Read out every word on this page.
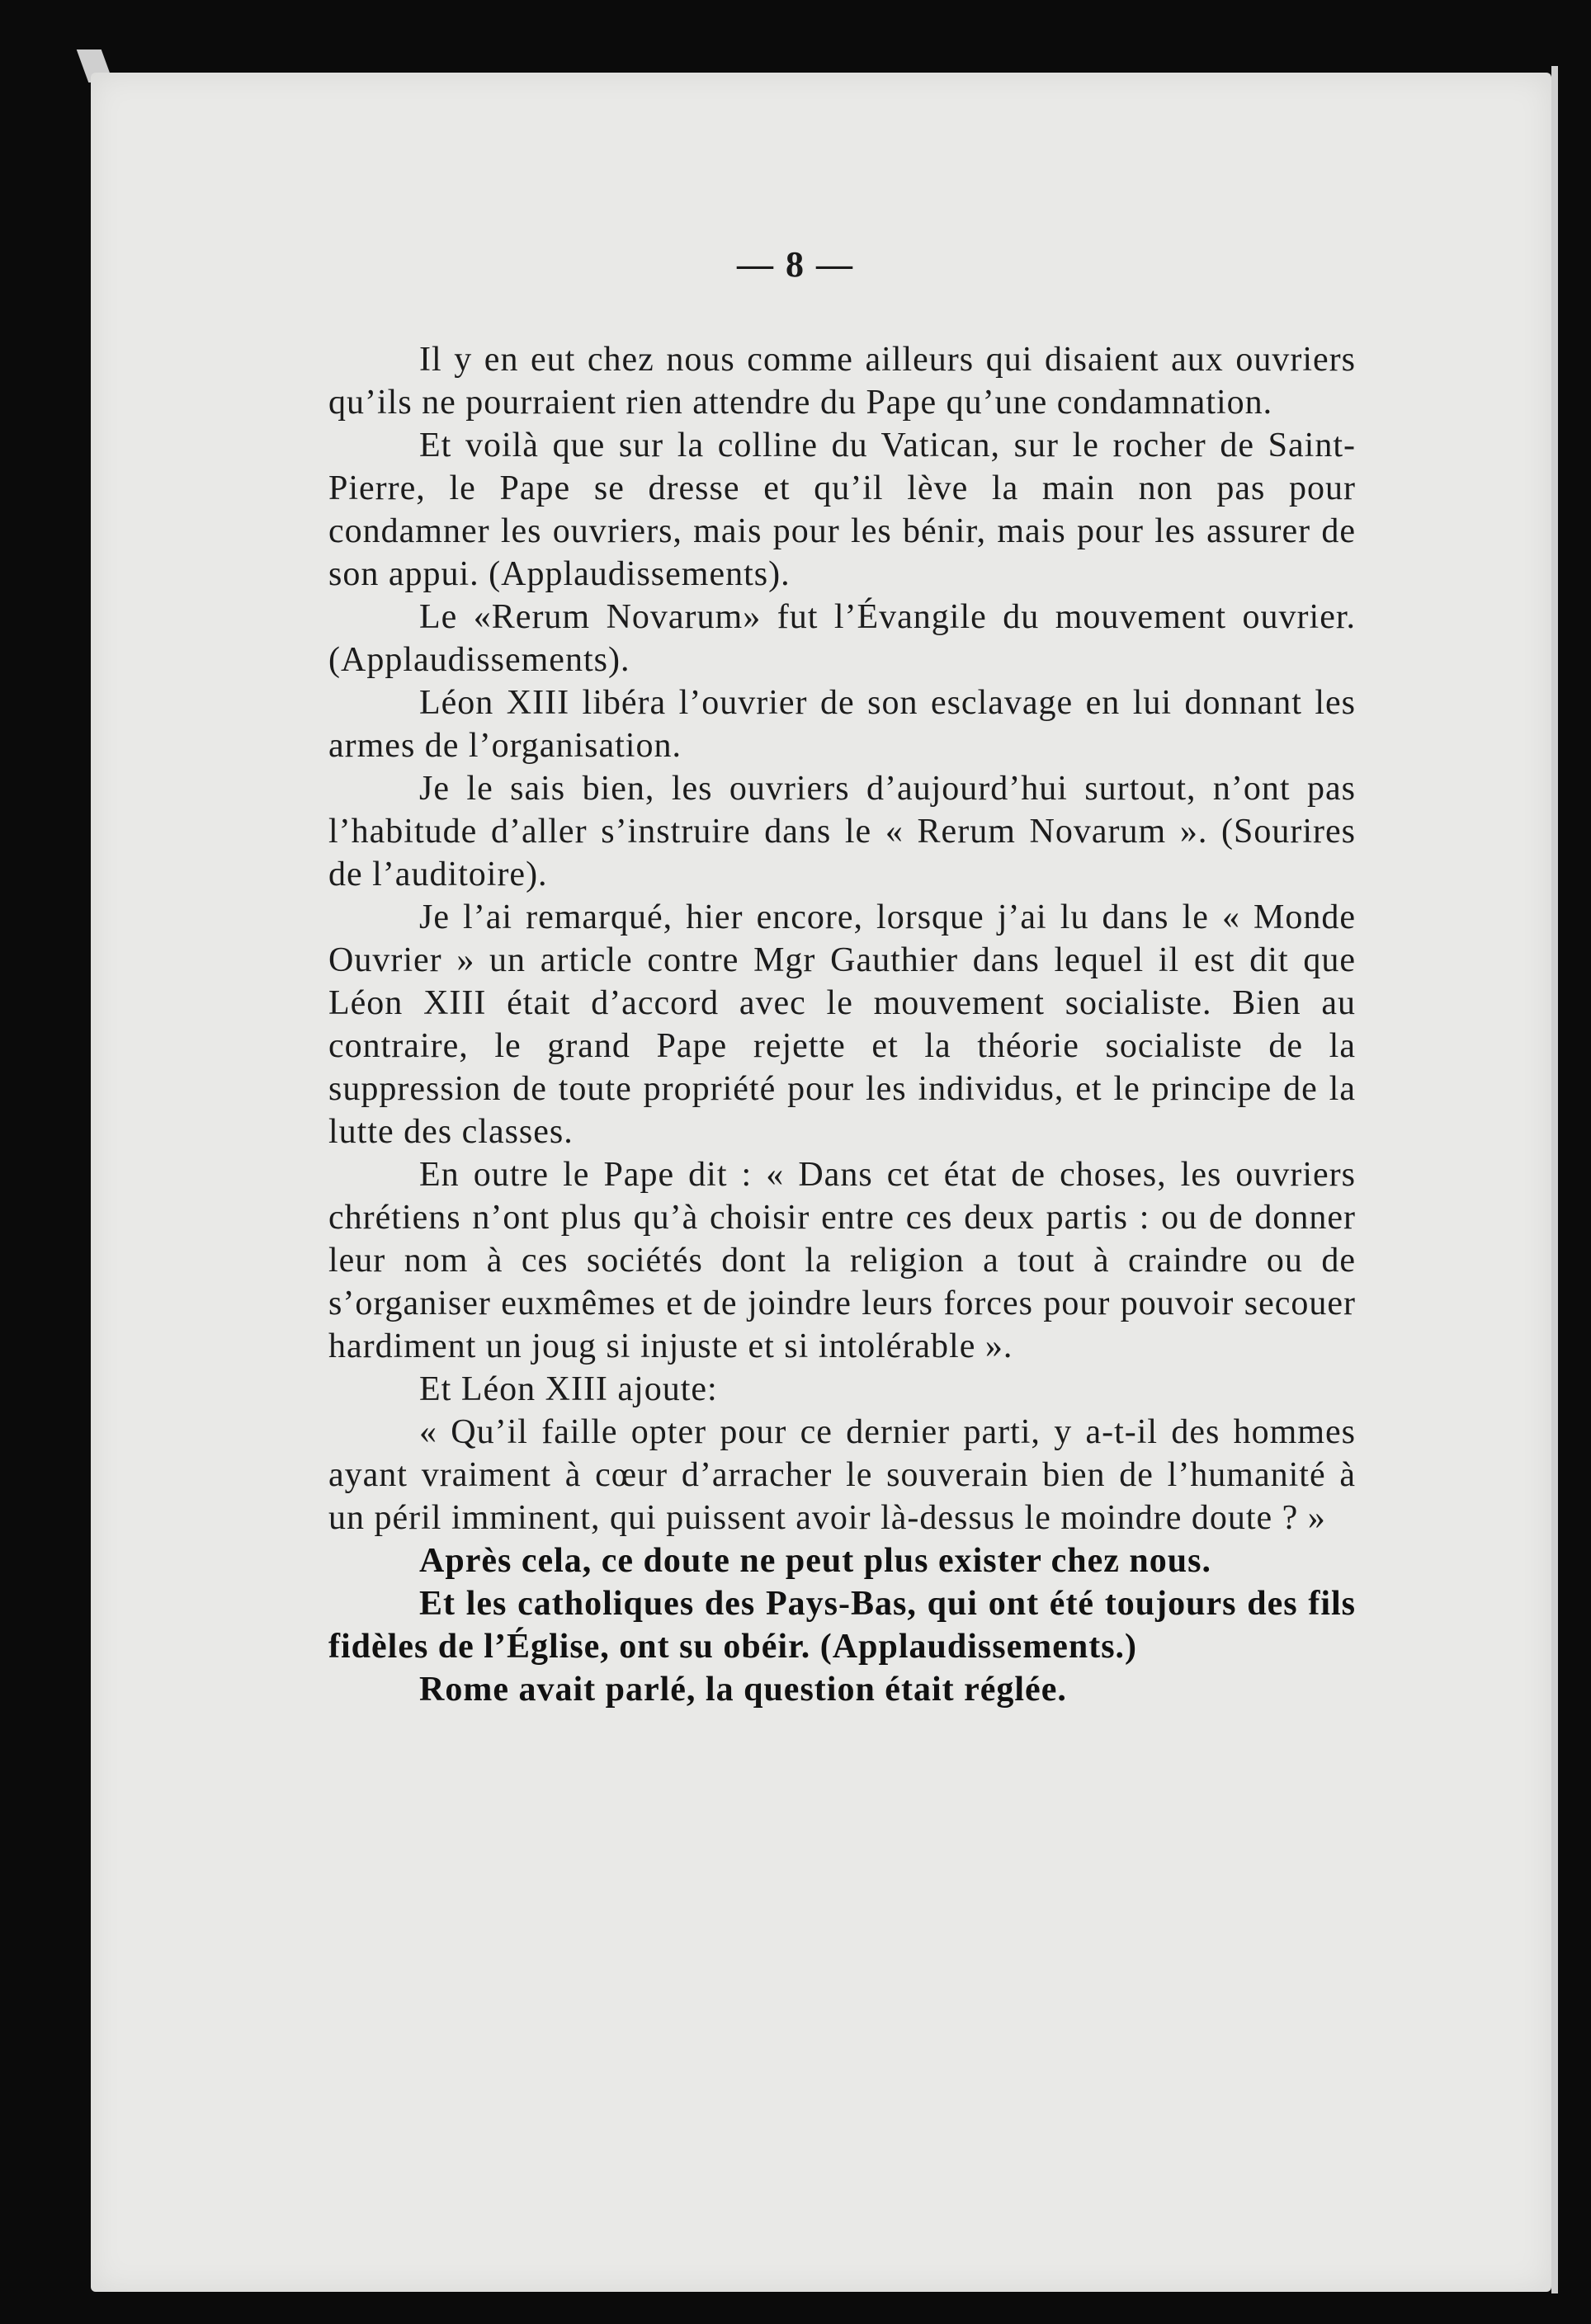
— 8 —

Il y en eut chez nous comme ailleurs qui disaient aux ouvriers qu’ils ne pourraient rien attendre du Pape qu’une condamnation.

Et voilà que sur la colline du Vatican, sur le rocher de Saint-Pierre, le Pape se dresse et qu’il lève la main non pas pour condamner les ouvriers, mais pour les bénir, mais pour les assurer de son appui. (Applaudissements).

Le «Rerum Novarum» fut l’Évangile du mouvement ouvrier. (Applaudissements).

Léon XIII libéra l’ouvrier de son esclavage en lui donnant les armes de l’organisation.

Je le sais bien, les ouvriers d’aujourd’hui surtout, n’ont pas l’habitude d’aller s’instruire dans le « Rerum Novarum ». (Sourires de l’auditoire).

Je l’ai remarqué, hier encore, lorsque j’ai lu dans le « Monde Ouvrier » un article contre Mgr Gauthier dans lequel il est dit que Léon XIII était d’accord avec le mouvement socialiste. Bien au contraire, le grand Pape rejette et la théorie socialiste de la suppression de toute propriété pour les individus, et le principe de la lutte des classes.

En outre le Pape dit : « Dans cet état de choses, les ouvriers chrétiens n’ont plus qu’à choisir entre ces deux partis : ou de donner leur nom à ces sociétés dont la religion a tout à craindre ou de s’organiser euxmêmes et de joindre leurs forces pour pouvoir secouer hardiment un joug si injuste et si intolérable ».

Et Léon XIII ajoute:

« Qu’il faille opter pour ce dernier parti, y a-t-il des hommes ayant vraiment à cœur d’arracher le souverain bien de l’humanité à un péril imminent, qui puissent avoir là-dessus le moindre doute ? »

Après cela, ce doute ne peut plus exister chez nous.

Et les catholiques des Pays-Bas, qui ont été toujours des fils fidèles de l’Église, ont su obéir. (Applaudissements.)

Rome avait parlé, la question était réglée.
